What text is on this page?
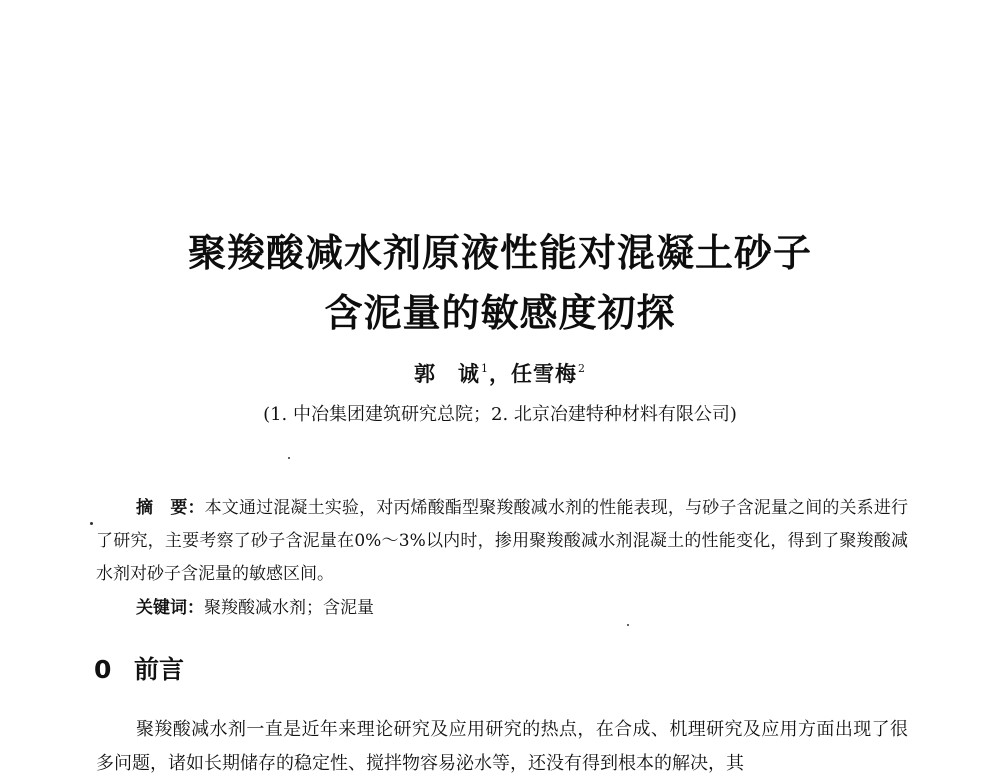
聚羧酸减水剂原液性能对混凝土砂子
含泥量的敏感度初探
郭　诚$^1$，任雪梅$^2$
(1. 中冶集团建筑研究总院；2. 北京冶建特种材料有限公司)

摘　要：本文通过混凝土实验，对丙烯酸酯型聚羧酸减水剂的性能表现，与砂子含泥量之间的关系进行了研究，主要考察了砂子含泥量在0%～3%以内时，掺用聚羧酸减水剂混凝土的性能变化，得到了聚羧酸减水剂对砂子含泥量的敏感区间。

关键词：聚羧酸减水剂；含泥量
0 前言

聚羧酸减水剂一直是近年来理论研究及应用研究的热点，在合成、机理研究及应用方面出现了很多问题，诸如长期储存的稳定性、搅拌物容易泌水等，还没有得到根本的解决，其
